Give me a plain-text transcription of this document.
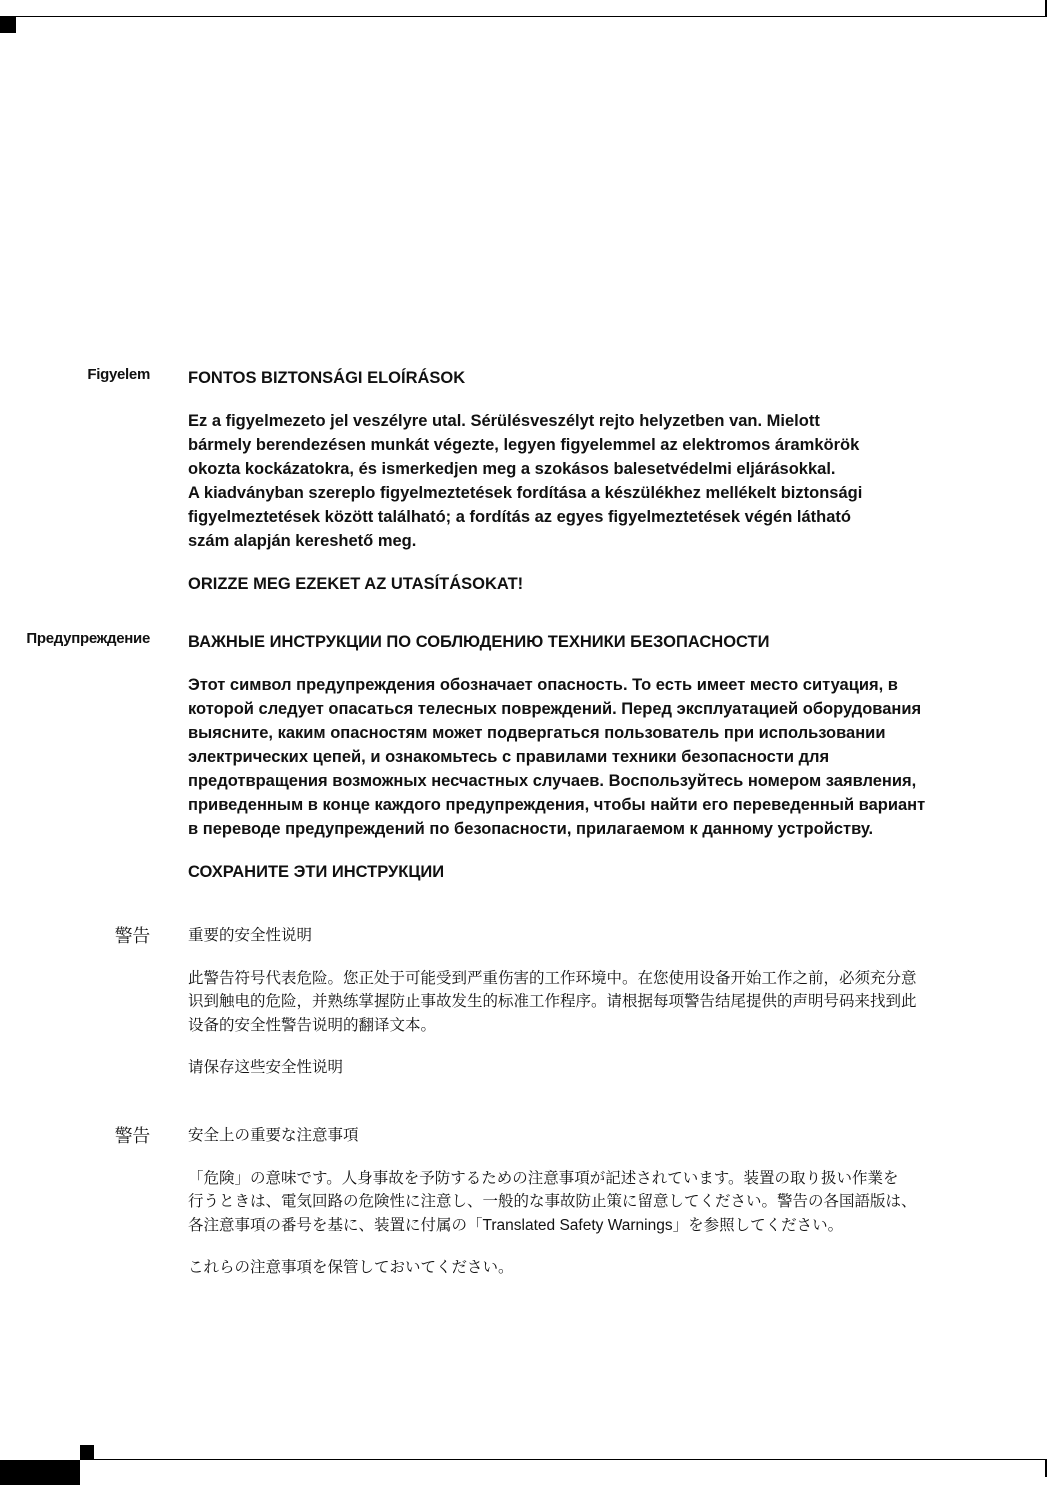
Figyelem FONTOS BIZTONSÁGI ELOÍRÁSOK

Ez a figyelmezeto jel veszélyre utal. Sérülésveszélyt rejto helyzetben van. Mielott
bármely berendezésen munkát végezte, legyen figyelemmel az elektromos áramkörök
okozta kockázatokra, és ismerkedjen meg a szokásos balesetvédelmi eljárásokkal.
A kiadványban szereplo figyelmeztetések fordítása a készülékhez mellékelt biztonsági
figyelmeztetések között található; a fordítás az egyes figyelmeztetések végén látható
szám alapján kereshető meg.

ORIZZE MEG EZEKET AZ UTASÍTÁSOKAT!

Предупреждение ВАЖНЫЕ ИНСТРУКЦИИ ПО СОБЛЮДЕНИЮ ТЕХНИКИ БЕЗОПАСНОСТИ

Этот символ предупреждения обозначает опасность. То есть имеет место ситуация, в
которой следует опасаться телесных повреждений. Перед эксплуатацией оборудования
выясните, каким опасностям может подвергаться пользователь при использовании
электрических цепей, и ознакомьтесь с правилами техники безопасности для
предотвращения возможных несчастных случаев. Воспользуйтесь номером заявления,
приведенным в конце каждого предупреждения, чтобы найти его переведенный вариант
в переводе предупреждений по безопасности, прилагаемом к данному устройству.

СОХРАНИТЕ ЭТИ ИНСТРУКЦИИ

警告 重要的安全性说明

此警告符号代表危险。您正处于可能受到严重伤害的工作环境中。在您使用设备开始工作之前，必须充分意
识到触电的危险，并熟练掌握防止事故发生的标准工作程序。请根据每项警告结尾提供的声明号码来找到此
设备的安全性警告说明的翻译文本。

请保存这些安全性说明

警告 安全上の重要な注意事項

「危険」の意味です。人身事故を予防するための注意事項が記述されています。装置の取り扱い作業を
行うときは、電気回路の危険性に注意し、一般的な事故防止策に留意してください。警告の各国語版は、
各注意事項の番号を基に、装置に付属の「Translated Safety Warnings」を参照してください。

これらの注意事項を保管しておいてください。
